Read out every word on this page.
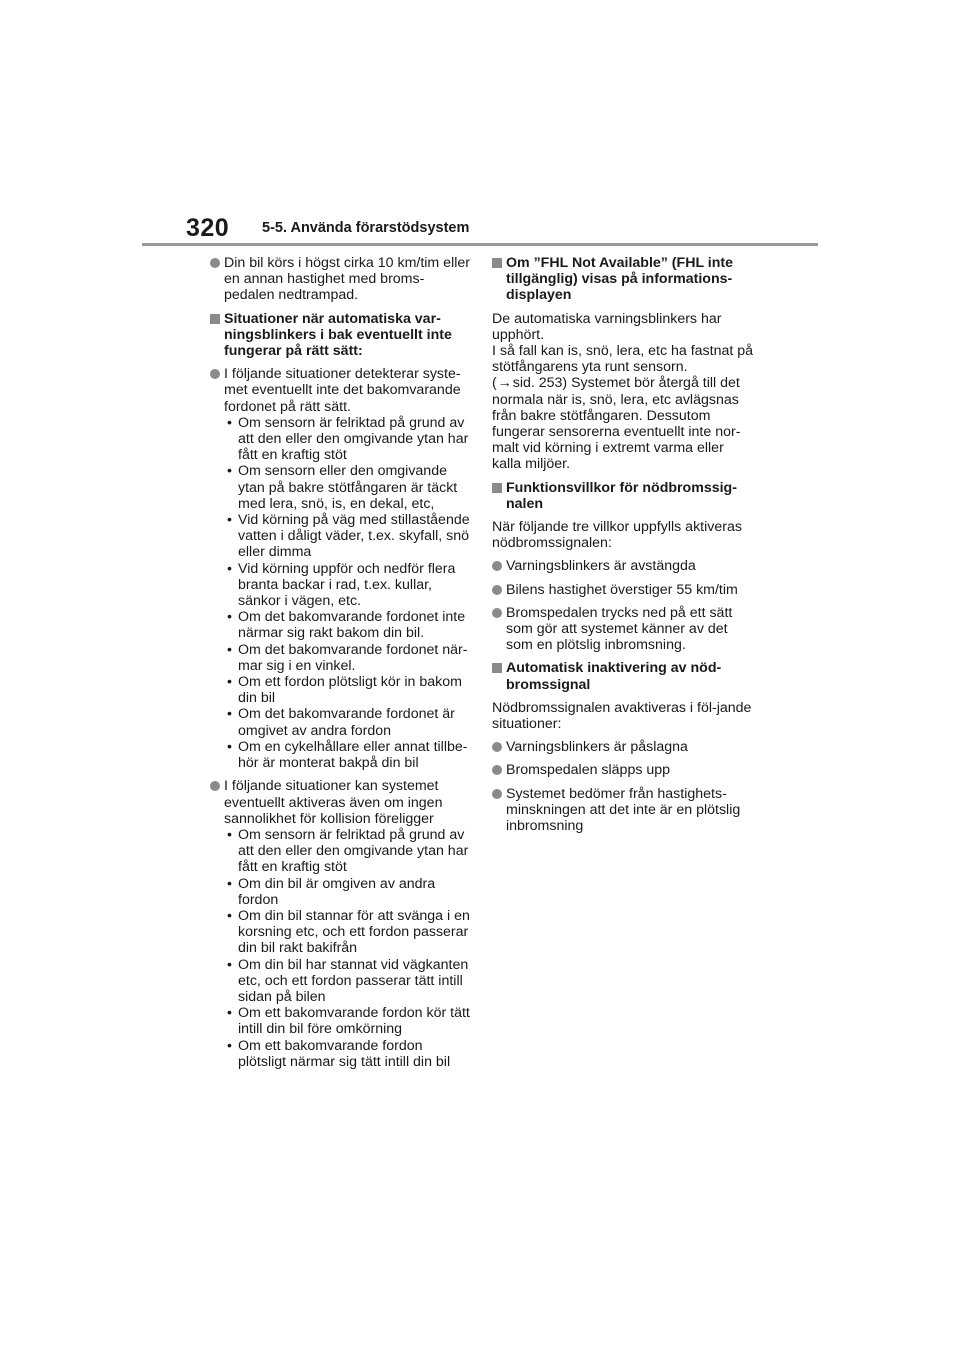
320 5-5. Använda förarstödsystem
Din bil körs i högst cirka 10 km/tim eller en annan hastighet med broms-pedalen nedtrampad.
Situationer när automatiska var-ningsblinkers i bak eventuellt inte fungerar på rätt sätt:
I följande situationer detekterar syste-met eventuellt inte det bakomvarande fordonet på rätt sätt.
• Om sensorn är felriktad på grund av att den eller den omgivande ytan har fått en kraftig stöt
• Om sensorn eller den omgivande ytan på bakre stötfångaren är täckt med lera, snö, is, en dekal, etc,
• Vid körning på väg med stillastående vatten i dåligt väder, t.ex. skyfall, snö eller dimma
• Vid körning uppför och nedför flera branta backar i rad, t.ex. kullar, sänkor i vägen, etc.
• Om det bakomvarande fordonet inte närmar sig rakt bakom din bil.
• Om det bakomvarande fordonet när-mar sig i en vinkel.
• Om ett fordon plötsligt kör in bakom din bil
• Om det bakomvarande fordonet är omgivet av andra fordon
• Om en cykelhållare eller annat tillbe-hör är monterat bakpå din bil
I följande situationer kan systemet eventuellt aktiveras även om ingen sannolikhet för kollision föreligger
• Om sensorn är felriktad på grund av att den eller den omgivande ytan har fått en kraftig stöt
• Om din bil är omgiven av andra fordon
• Om din bil stannar för att svänga i en korsning etc, och ett fordon passerar din bil rakt bakifrån
• Om din bil har stannat vid vägkanten etc, och ett fordon passerar tätt intill sidan på bilen
• Om ett bakomvarande fordon kör tätt intill din bil före omkörning
• Om ett bakomvarande fordon plötsligt närmar sig tätt intill din bil
Om ”FHL Not Available” (FHL inte tillgänglig) visas på informations-displayen
De automatiska varningsblinkers har upphört.
I så fall kan is, snö, lera, etc ha fastnat på stötfångarens yta runt sensorn.
(→sid. 253) Systemet bör återgå till det normala när is, snö, lera, etc avlägsnas från bakre stötfångaren. Dessutom fungerar sensorerna eventuellt inte nor-malt vid körning i extremt varma eller kalla miljöer.
Funktionsvillkor för nödbromssig-nalen
När följande tre villkor uppfylls aktiveras nödbromssignalen:
Varningsblinkers är avstängda
Bilens hastighet överstiger 55 km/tim
Bromspedalen trycks ned på ett sätt som gör att systemet känner av det som en plötslig inbromsning.
Automatisk inaktivering av nöd-bromssignal
Nödbromssignalen avaktiveras i föl-jande situationer:
Varningsblinkers är påslagna
Bromspedalen släpps upp
Systemet bedömer från hastighets-minskningen att det inte är en plötslig inbromsning
